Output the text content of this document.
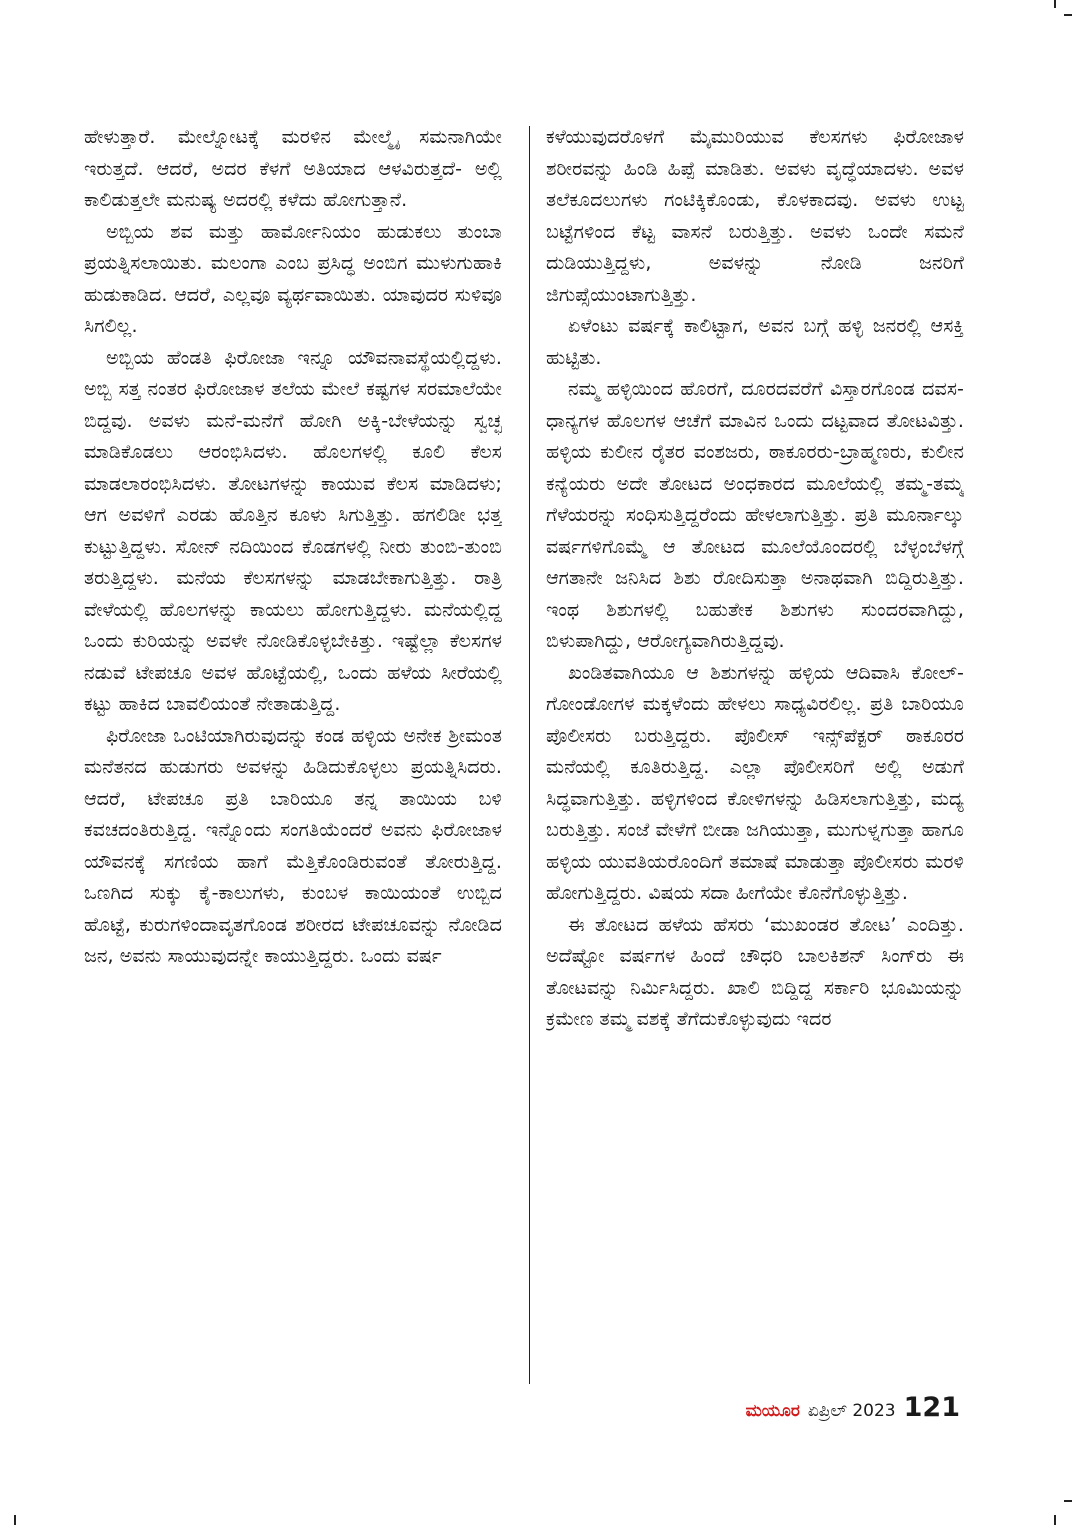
ಹೇಳುತ್ತಾರೆ. ಮೇಲ್ನೋಟಕ್ಕೆ ಮರಳಿನ ಮೇಲ್ಮೈ ಸಮನಾಗಿಯೇ ಇರುತ್ತದೆ. ಆದರೆ, ಅದರ ಕೆಳಗೆ ಅತಿಯಾದ ಆಳವಿರುತ್ತದೆ- ಅಲ್ಲಿ ಕಾಲಿಡುತ್ತಲೇ ಮನುಷ್ಯ ಅದರಲ್ಲಿ ಕಳೆದು ಹೋಗುತ್ತಾನೆ.

ಅಬ್ಬಿಯ ಶವ ಮತ್ತು ಹಾರ್ಮೋನಿಯಂ ಹುಡುಕಲು ತುಂಬಾ ಪ್ರಯತ್ನಿಸಲಾಯಿತು. ಮಲಂಗಾ ಎಂಬ ಪ್ರಸಿದ್ಧ ಅಂಬಿಗ ಮುಳುಗುಹಾಕಿ ಹುಡುಕಾಡಿದ. ಆದರೆ, ಎಲ್ಲವೂ ವ್ಯರ್ಥವಾಯಿತು. ಯಾವುದರ ಸುಳಿವೂ ಸಿಗಲಿಲ್ಲ.

ಅಬ್ಬಿಯ ಹೆಂಡತಿ ಫಿರೋಜಾ ಇನ್ನೂ ಯೌವನಾವಸ್ಥೆಯಲ್ಲಿದ್ದಳು. ಅಬ್ಬಿ ಸತ್ತ ನಂತರ ಫಿರೋಜಾಳ ತಲೆಯ ಮೇಲೆ ಕಷ್ಟಗಳ ಸರಮಾಲೆಯೇ ಬಿದ್ದವು. ಅವಳು ಮನೆ-ಮನೆಗೆ ಹೋಗಿ ಅಕ್ಕಿ-ಬೇಳೆಯನ್ನು ಸ್ವಚ್ಛ ಮಾಡಿಕೊಡಲು ಆರಂಭಿಸಿದಳು. ಹೊಲಗಳಲ್ಲಿ ಕೂಲಿ ಕೆಲಸ ಮಾಡಲಾರಂಭಿಸಿದಳು. ತೋಟಗಳನ್ನು ಕಾಯುವ ಕೆಲಸ ಮಾಡಿದಳು; ಆಗ ಅವಳಿಗೆ ಎರಡು ಹೊತ್ತಿನ ಕೂಳು ಸಿಗುತ್ತಿತ್ತು. ಹಗಲಿಡೀ ಭತ್ತ ಕುಟ್ಟುತ್ತಿದ್ದಳು. ಸೋನ್ ನದಿಯಿಂದ ಕೊಡಗಳಲ್ಲಿ ನೀರು ತುಂಬಿ-ತುಂಬಿ ತರುತ್ತಿದ್ದಳು. ಮನೆಯ ಕೆಲಸಗಳನ್ನು ಮಾಡಬೇಕಾಗುತ್ತಿತ್ತು. ರಾತ್ರಿ ವೇಳೆಯಲ್ಲಿ ಹೊಲಗಳನ್ನು ಕಾಯಲು ಹೋಗುತ್ತಿದ್ದಳು. ಮನೆಯಲ್ಲಿದ್ದ ಒಂದು ಕುರಿಯನ್ನು ಅವಳೇ ನೋಡಿಕೊಳ್ಳಬೇಕಿತ್ತು. ಇಷ್ಟೆಲ್ಲಾ ಕೆಲಸಗಳ ನಡುವೆ ಟೇಪಚೂ ಅವಳ ಹೊಟ್ಟೆಯಲ್ಲಿ, ಒಂದು ಹಳೆಯ ಸೀರೆಯಲ್ಲಿ ಕಟ್ಟು ಹಾಕಿದ ಬಾವಲಿಯಂತೆ ನೇತಾಡುತ್ತಿದ್ದ.

ಫಿರೋಜಾ ಒಂಟಿಯಾಗಿರುವುದನ್ನು ಕಂಡ ಹಳ್ಳಿಯ ಅನೇಕ ಶ್ರೀಮಂತ ಮನೆತನದ ಹುಡುಗರು ಅವಳನ್ನು ಹಿಡಿದುಕೊಳ್ಳಲು ಪ್ರಯತ್ನಿಸಿದರು. ಆದರೆ, ಟೇಪಚೂ ಪ್ರತಿ ಬಾರಿಯೂ ತನ್ನ ತಾಯಿಯ ಬಳಿ ಕವಚದಂತಿರುತ್ತಿದ್ದ. ಇನ್ನೊಂದು ಸಂಗತಿಯೆಂದರೆ ಅವನು ಫಿರೋಜಾಳ ಯೌವನಕ್ಕೆ ಸಗಣಿಯ ಹಾಗೆ ಮೆತ್ತಿಕೊಂಡಿರುವಂತೆ ತೋರುತ್ತಿದ್ದ. ಒಣಗಿದ ಸುಕ್ಕು ಕೈ-ಕಾಲುಗಳು, ಕುಂಬಳ ಕಾಯಿಯಂತೆ ಉಬ್ಬಿದ ಹೊಟ್ಟೆ, ಕುರುಗಳಿಂದಾವೃತಗೊಂಡ ಶರೀರದ ಟೇಪಚೂವನ್ನು ನೋಡಿದ ಜನ, ಅವನು ಸಾಯುವುದನ್ನೇ ಕಾಯುತ್ತಿದ್ದರು. ಒಂದು ವರ್ಷ

ಕಳೆಯುವುದರೊಳಗೆ ಮೈಮುರಿಯುವ ಕೆಲಸಗಳು ಫಿರೋಜಾಳ ಶರೀರವನ್ನು ಹಿಂಡಿ ಹಿಪ್ಪೆ ಮಾಡಿತು. ಅವಳು ವೃದ್ಧೆಯಾದಳು. ಅವಳ ತಲೆಕೂದಲುಗಳು ಗಂಟಿಕ್ಕಿಕೊಂಡು, ಕೊಳಕಾದವು. ಅವಳು ಉಟ್ಟ ಬಟ್ಟೆಗಳಿಂದ ಕೆಟ್ಟ ವಾಸನೆ ಬರುತ್ತಿತ್ತು. ಅವಳು ಒಂದೇ ಸಮನೆ ದುಡಿಯುತ್ತಿದ್ದಳು, ಅವಳನ್ನು ನೋಡಿ ಜನರಿಗೆ ಜಿಗುಪ್ಸೆಯುಂಟಾಗುತ್ತಿತ್ತು.

ಏಳೆಂಟು ವರ್ಷಕ್ಕೆ ಕಾಲಿಟ್ಟಾಗ, ಅವನ ಬಗ್ಗೆ ಹಳ್ಳಿ ಜನರಲ್ಲಿ ಆಸಕ್ತಿ ಹುಟ್ಟಿತು.

ನಮ್ಮ ಹಳ್ಳಿಯಿಂದ ಹೊರಗೆ, ದೂರದವರೆಗೆ ವಿಸ್ತಾರಗೊಂಡ ದವಸ-ಧಾನ್ಯಗಳ ಹೊಲಗಳ ಆಚೆಗೆ ಮಾವಿನ ಒಂದು ದಟ್ಟವಾದ ತೋಟವಿತ್ತು. ಹಳ್ಳಿಯ ಕುಲೀನ ರೈತರ ವಂಶಜರು, ಠಾಕೂರರು-ಬ್ರಾಹ್ಮಣರು, ಕುಲೀನ ಕನ್ಯೆಯರು ಅದೇ ತೋಟದ ಅಂಧಕಾರದ ಮೂಲೆಯಲ್ಲಿ ತಮ್ಮ-ತಮ್ಮ ಗೆಳೆಯರನ್ನು ಸಂಧಿಸುತ್ತಿದ್ದರೆಂದು ಹೇಳಲಾಗುತ್ತಿತ್ತು. ಪ್ರತಿ ಮೂರ್ನಾಲ್ಕು ವರ್ಷಗಳಿಗೊಮ್ಮೆ ಆ ತೋಟದ ಮೂಲೆಯೊಂದರಲ್ಲಿ ಬೆಳ್ಳಂಬೆಳಗ್ಗೆ ಆಗತಾನೇ ಜನಿಸಿದ ಶಿಶು ರೋದಿಸುತ್ತಾ ಅನಾಥವಾಗಿ ಬಿದ್ದಿರುತ್ತಿತ್ತು. ಇಂಥ ಶಿಶುಗಳಲ್ಲಿ ಬಹುತೇಕ ಶಿಶುಗಳು ಸುಂದರವಾಗಿದ್ದು, ಬಿಳುಪಾಗಿದ್ದು, ಆರೋಗ್ಯವಾಗಿರುತ್ತಿದ್ದವು.

ಖಂಡಿತವಾಗಿಯೂ ಆ ಶಿಶುಗಳನ್ನು ಹಳ್ಳಿಯ ಆದಿವಾಸಿ ಕೋಲ್-ಗೋಂಡೋಗಳ ಮಕ್ಕಳೆಂದು ಹೇಳಲು ಸಾಧ್ಯವಿರಲಿಲ್ಲ. ಪ್ರತಿ ಬಾರಿಯೂ ಪೊಲೀಸರು ಬರುತ್ತಿದ್ದರು. ಪೊಲೀಸ್ ಇನ್ಸ್‌ಪೆಕ್ಟರ್ ಠಾಕೂರರ ಮನೆಯಲ್ಲಿ ಕೂತಿರುತ್ತಿದ್ದ. ಎಲ್ಲಾ ಪೊಲೀಸರಿಗೆ ಅಲ್ಲಿ ಅಡುಗೆ ಸಿದ್ಧವಾಗುತ್ತಿತ್ತು. ಹಳ್ಳಿಗಳಿಂದ ಕೋಳಿಗಳನ್ನು ಹಿಡಿಸಲಾಗುತ್ತಿತ್ತು, ಮದ್ಯ ಬರುತ್ತಿತ್ತು. ಸಂಜೆ ವೇಳೆಗೆ ಬೀಡಾ ಜಗಿಯುತ್ತಾ, ಮುಗುಳ್ನಗುತ್ತಾ ಹಾಗೂ ಹಳ್ಳಿಯ ಯುವತಿಯರೊಂದಿಗೆ ತಮಾಷೆ ಮಾಡುತ್ತಾ ಪೊಲೀಸರು ಮರಳಿ ಹೋಗುತ್ತಿದ್ದರು. ವಿಷಯ ಸದಾ ಹೀಗೆಯೇ ಕೊನೆಗೊಳ್ಳುತ್ತಿತ್ತು.

ಈ ತೋಟದ ಹಳೆಯ ಹೆಸರು ‘ಮುಖಂಡರ ತೋಟ’ ಎಂದಿತ್ತು. ಅದೆಷ್ಟೋ ವರ್ಷಗಳ ಹಿಂದೆ ಚೌಧರಿ ಬಾಲಕಿಶನ್ ಸಿಂಗ್‌ರು ಈ ತೋಟವನ್ನು ನಿರ್ಮಿಸಿದ್ದರು. ಖಾಲಿ ಬಿದ್ದಿದ್ದ ಸರ್ಕಾರಿ ಭೂಮಿಯನ್ನು ಕ್ರಮೇಣ ತಮ್ಮ ವಶಕ್ಕೆ ತೆಗೆದುಕೊಳ್ಳುವುದು ಇದರ

ಮಯೂರ ಏಪ್ರಿಲ್ 2023 121
